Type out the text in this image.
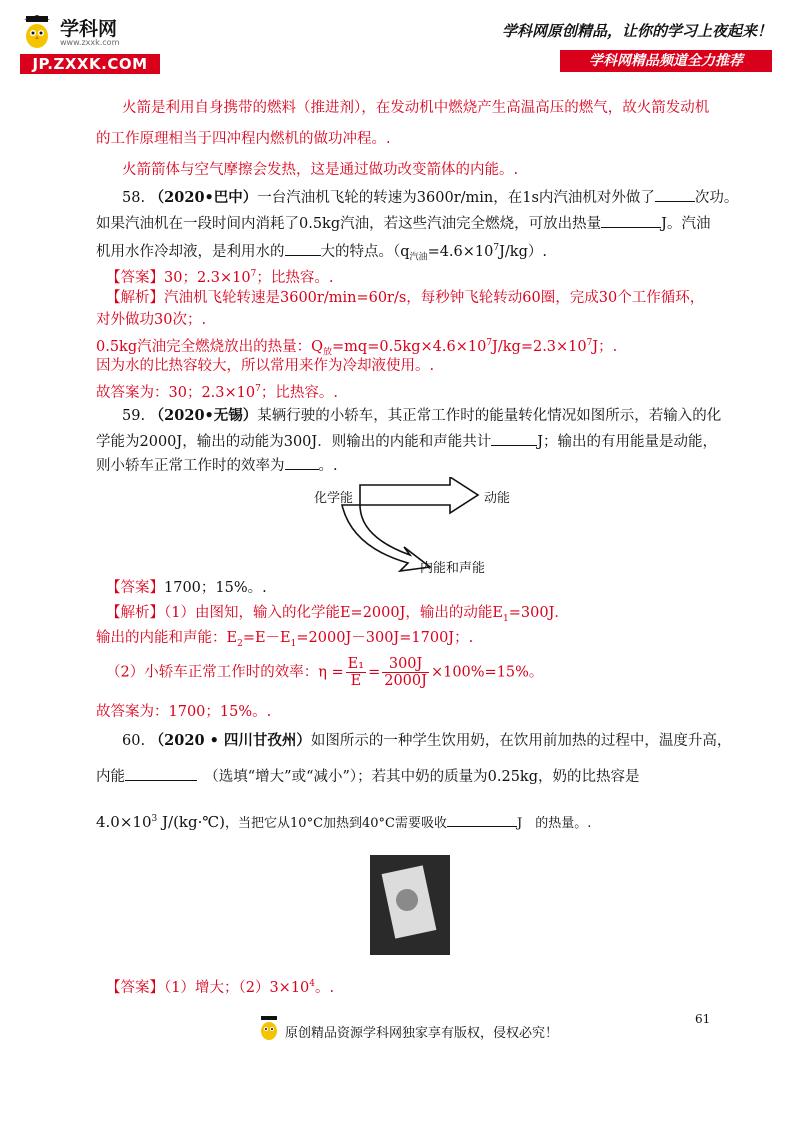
学科网
www.zxxk.com
JP.ZXXK.COM
学科网原创精品，让你的学习上夜起来！
学科网精品频道全力推荐
火箭是利用自身携带的燃料（推进剂），在发动机中燃烧产生高温高压的燃气，故火箭发动机
的工作原理相当于四冲程内燃机的做功冲程。.
火箭箭体与空气摩擦会发热，这是通过做功改变箭体的内能。.
58. （2020•巴中）一台汽油机飞轮的转速为3600r/min，在1s内汽油机对外做了	次功。
如果汽油机在一段时间内消耗了0.5kg汽油，若这些汽油完全燃烧，可放出热量	J。汽油
机用水作冷却液，是利用水的 大的特点。$(q_{汽油}=4.6\times 10^7J/kg)$.
【答案】30；$2.3\times 10^7$；比热容。.
【解析】汽油机飞轮转速是3600r/min=60r/s，每秒钟飞轮转动60圈，完成30个工作循环，
对外做功30次；.
0.5kg汽油完全燃烧放出的热量：$Q_放=mq=0.5kg\times 4.6\times 10^7J/kg=2.3\times 10^7J$；.
因为水的比热容较大，所以常用来作为冷却液使用。.
故答案为：30；$2.3\times 10^7$；比热容。.
59. （2020•无锡）某辆行驶的小轿车，其正常工作时的能量转化情况如图所示，若输入的化
学能为2000J，输出的动能为300J．则输出的内能和声能共计	J；输出的有用能量是动能，
则小轿车正常工作时的效率为 。.
化学能	动能
内能和声能
【答案】1700；15%。.
【解析】（1）由图知，输入的化学能E=2000J，输出的动能$E_1=300J$．
输出的内能和声能：$E_2=E-E_1=2000J-300J=1700J$；.
（2）小轿车正常工作时的效率：$\eta = \frac{\text{E₁}}{E} = \frac{300J}{2000J} \times 100\%=15\%$。
故答案为：1700；15%。.
60. （2020 • 四川甘孜州）如图所示的一种学生饮用奶，在饮用前加热的过程中，温度升高，
内能　	（选填“增大”或“减小”）；若其中奶的质量为0.25kg，奶的比热容是
$4.0\times 10^3$ J/(kg·℃)，当把它从10°C加热到40°C需要吸收	J　的热量。.
【答案】（1）增大；$(2)3\times 10^4$。.
61
原创精品资源学科网独家享有版权，侵权必究！
